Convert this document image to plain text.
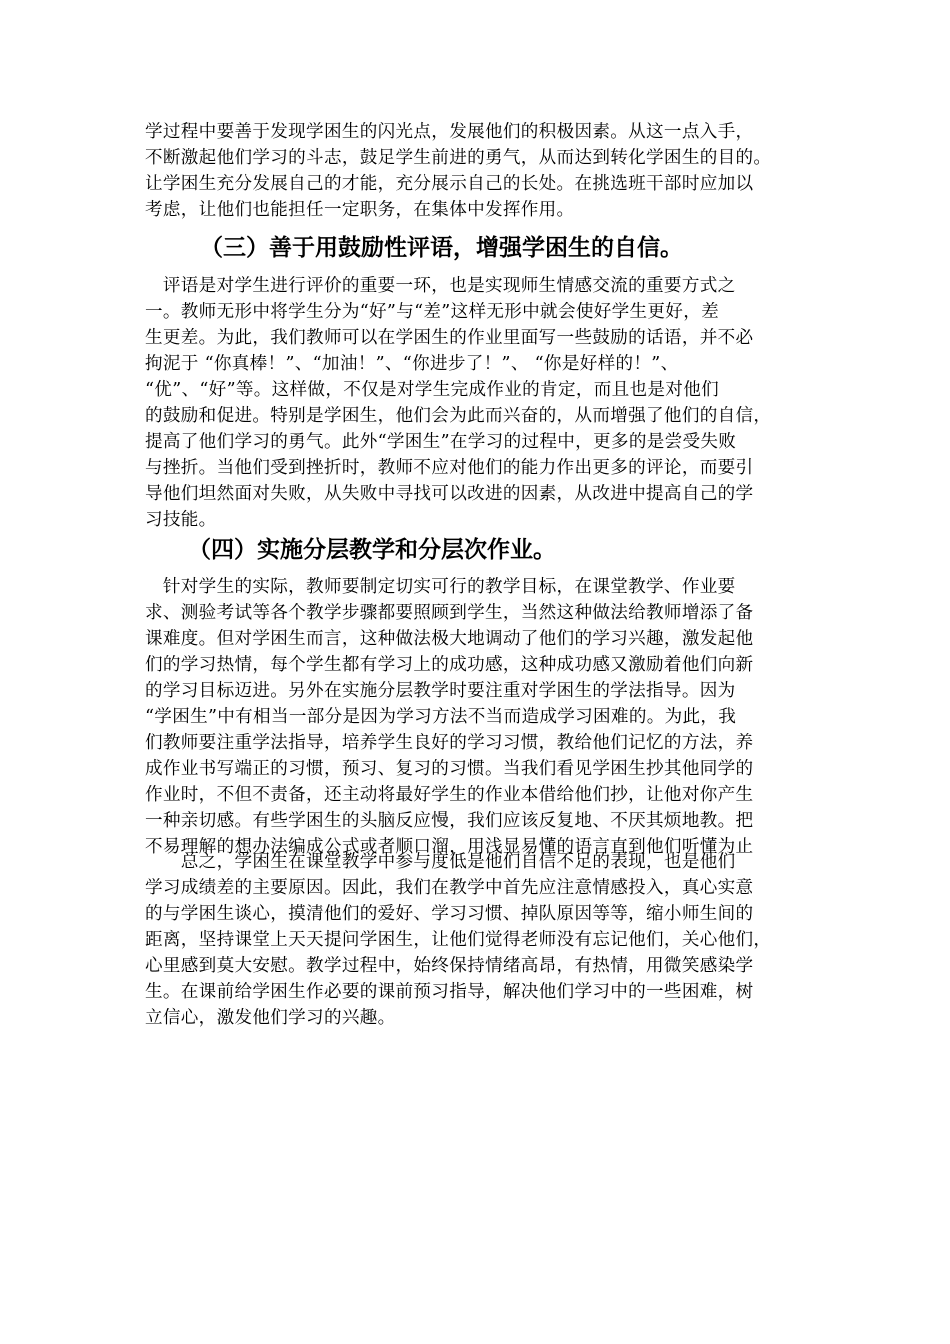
学过程中要善于发现学困生的闪光点，发展他们的积极因素。从这一点入手，
不断激起他们学习的斗志，鼓足学生前进的勇气，从而达到转化学困生的目的。
让学困生充分发展自己的才能，充分展示自己的长处。在挑选班干部时应加以
考虑，让他们也能担任一定职务，在集体中发挥作用。
（三）善于用鼓励性评语，增强学困生的自信。
　评语是对学生进行评价的重要一环，也是实现师生情感交流的重要方式之
一。教师无形中将学生分为“好”与“差”这样无形中就会使好学生更好，差
生更差。为此，我们教师可以在学困生的作业里面写一些鼓励的话语，并不必
拘泥于 “你真棒！”、“加油！”、“你进步了！”、 “你是好样的！”、
“优”、“好”等。这样做，不仅是对学生完成作业的肯定，而且也是对他们
的鼓励和促进。特别是学困生，他们会为此而兴奋的，从而增强了他们的自信，
提高了他们学习的勇气。此外“学困生”在学习的过程中，更多的是尝受失败
与挫折。当他们受到挫折时，教师不应对他们的能力作出更多的评论，而要引
导他们坦然面对失败，从失败中寻找可以改进的因素，从改进中提高自己的学
习技能。
（四）实施分层教学和分层次作业。
　针对学生的实际，教师要制定切实可行的教学目标，在课堂教学、作业要
求、测验考试等各个教学步骤都要照顾到学生，当然这种做法给教师增添了备
课难度。但对学困生而言，这种做法极大地调动了他们的学习兴趣，激发起他
们的学习热情，每个学生都有学习上的成功感，这种成功感又激励着他们向新
的学习目标迈进。另外在实施分层教学时要注重对学困生的学法指导。因为
“学困生”中有相当一部分是因为学习方法不当而造成学习困难的。为此，我
们教师要注重学法指导，培养学生良好的学习习惯，教给他们记忆的方法，养
成作业书写端正的习惯，预习、复习的习惯。当我们看见学困生抄其他同学的
作业时，不但不责备，还主动将最好学生的作业本借给他们抄，让他对你产生
一种亲切感。有些学困生的头脑反应慢，我们应该反复地、不厌其烦地教。把
不易理解的想办法编成公式或者顺口溜，用浅显易懂的语言直到他们听懂为止
　　总之，学困生在课堂教学中参与度低是他们自信不足的表现，也是他们
学习成绩差的主要原因。因此，我们在教学中首先应注意情感投入，真心实意
的与学困生谈心，摸清他们的爱好、学习习惯、掉队原因等等，缩小师生间的
距离，坚持课堂上天天提问学困生，让他们觉得老师没有忘记他们，关心他们，
心里感到莫大安慰。教学过程中，始终保持情绪高昂，有热情，用微笑感染学
生。在课前给学困生作必要的课前预习指导，解决他们学习中的一些困难，树
立信心，激发他们学习的兴趣。
